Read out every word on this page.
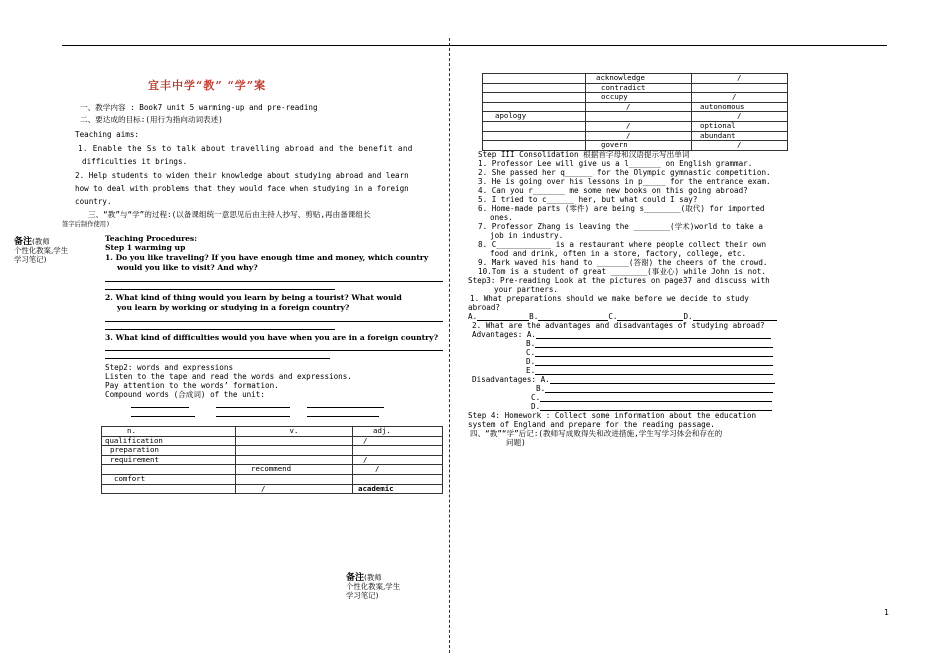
宜丰中学“教” “学”案
一、教学内容 : Book7 unit 5 warming-up and pre-reading
二、要达成的目标:(用行为指向动词表述)
Teaching aims:
1. Enable the Ss to talk about travelling abroad and the benefit and
difficulties it brings.
2. Help students to widen their knowledge about studying abroad and learn
how to deal with problems that they would face when studying in a foreign
country.
三、“教”与“学”的过程:(以备课组统一意思见后由主持人抄写、剪贴,再由备课组长
签字后制作使用)
备注(教师
个性化教案,学生
学习笔记)
Teaching Procedures:
Step 1 warming up
1. Do you like traveling? If you have enough time and money, which country
would you like to visit? And why?
2. What kind of thing would you learn by being a tourist? What would
you learn by working or studying in a foreign country?
3. What kind of difficulties would you have when you are in a foreign country?
Step2: words and expressions
Listen to the tape and read the words and expressions.
Pay attention to the words’ formation.
Compound words (合成词) of the unit:
n.	v.	adj.
qualification		/
preparation		
requirement		/
	recommend	/
comfort		
	/	academic
备注(教师
个性化教案,学生
学习笔记)
	acknowledge	/
	contradict	
	occupy	/
	/	autonomous
apology		/
	/	optional
	/	abundant
	govern	/
Step III Consolidation 根据首字母和汉语提示写出单词
1. Professor Lee will give us a l_______ on English grammar.
2. She passed her q______ for the Olympic gymnastic competition.
3. He is going over his lessons in p_____ for the entrance exam.
4. Can you r_______ me some new books on this going abroad?
5. I tried to c______ her, but what could I say?
6. Home-made parts (零件) are being s________(取代) for imported
ones.
7. Professor Zhang is leaving the ________(学术)world to take a
job in industry.
8. C____________ is a restaurant where people collect their own
food and drink, often in a store, factory, college, etc.
9. Mark waved his hand to _______(答谢) the cheers of the crowd.
10.Tom is a student of great ________(事业心) while John is not.
Step3: Pre-reading Look at the pictures on page37 and discuss with
your partners.
1. What preparations should we make before we decide to study
abroad?
A.	B.	C.	D.
2. What are the advantages and disadvantages of studying abroad?
Advantages: A.
B.
C.
D.
E.
Disadvantages: A.
B.
C.
D.
Step 4: Homework : Collect some information about the education
system of England and prepare for the reading passage.
四、“教”“学”后记:(教师写成败得失和改进措施,学生写学习体会和存在的
问题)
1
